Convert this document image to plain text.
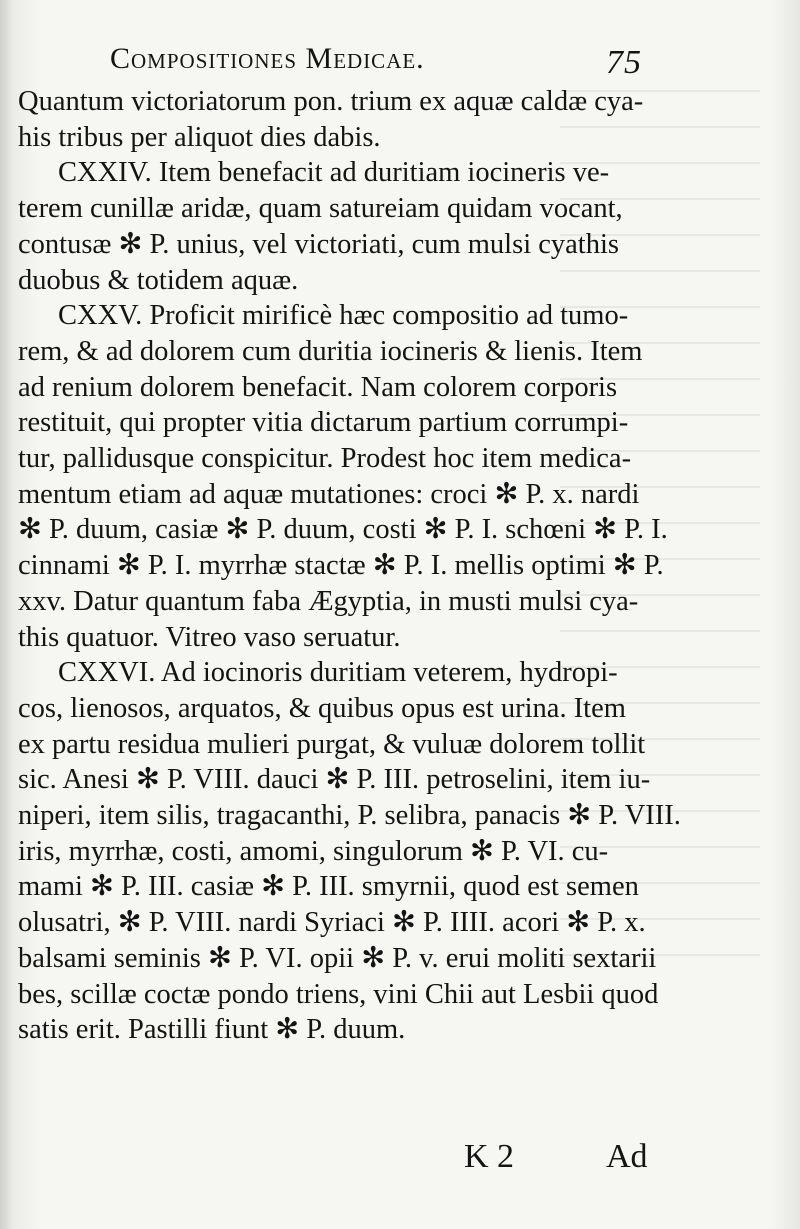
Compositiones Medicae.	75
Quantum victoriatorum pon. trium ex aquæ caldæ cya-
his tribus per aliquot dies dabis.
CXXIV. Item benefacit ad duritiam iocineris ve-
terem cunillæ aridæ, quam satureiam quidam vocant,
contusæ ✻ P. unius, vel victoriati, cum mulsi cyathis
duobus & totidem aquæ.
CXXV. Proficit mirificè hæc compositio ad tumo-
rem, & ad dolorem cum duritia iocineris & lienis. Item
ad renium dolorem benefacit. Nam colorem corporis
restituit, qui propter vitia dictarum partium corrumpi-
tur, pallidusque conspicitur. Prodest hoc item medica-
mentum etiam ad aquæ mutationes: croci ✻ P. x. nardi
✻ P. duum, casiæ ✻ P. duum, costi ✻ P. I. schœni ✻ P. I.
cinnami ✻ P. I. myrrhæ stactæ ✻ P. I. mellis optimi ✻ P.
xxv. Datur quantum faba Ægyptia, in musti mulsi cya-
this quatuor. Vitreo vaso seruatur.
CXXVI. Ad iocinoris duritiam veterem, hydropi-
cos, lienosos, arquatos, & quibus opus est urina. Item
ex partu residua mulieri purgat, & vuluæ dolorem tollit
sic. Anesi ✻ P. VIII. dauci ✻ P. III. petroselini, item iu-
niperi, item silis, tragacanthi, P. selibra, panacis ✻ P. VIII.
iris, myrrhæ, costi, amomi, singulorum ✻ P. VI. cu-
mami ✻ P. III. casiæ ✻ P. III. smyrnii, quod est semen
olusatri, ✻ P. VIII. nardi Syriaci ✻ P. IIII. acori ✻ P. x.
balsami seminis ✻ P. VI. opii ✻ P. v. erui moliti sextarii
bes, scillæ coctæ pondo triens, vini Chii aut Lesbii quod
satis erit. Pastilli fiunt ✻ P. duum.
K 2	Ad
